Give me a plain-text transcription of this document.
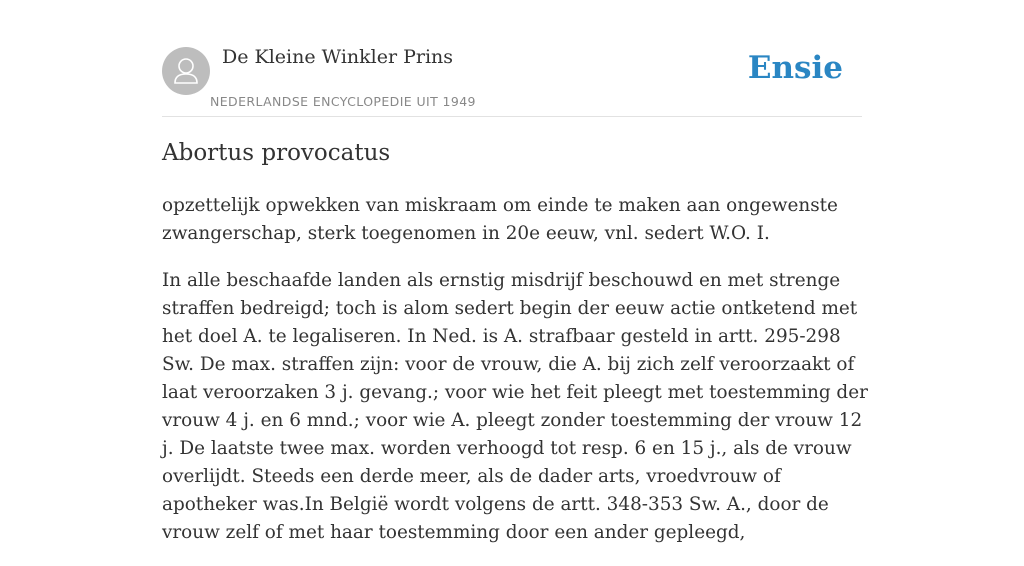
De Kleine Winkler Prins
NEDERLANDSE ENCYCLOPEDIE UIT 1949
Ensie
Abortus provocatus

opzettelijk opwekken van miskraam om einde te maken aan ongewenste zwangerschap, sterk toegenomen in 20e eeuw, vnl. sedert W.O. I.

In alle beschaafde landen als ernstig misdrijf beschouwd en met strenge straffen bedreigd; toch is alom sedert begin der eeuw actie ontketend met het doel A. te legaliseren. In Ned. is A. strafbaar gesteld in artt. 295-298 Sw. De max. straffen zijn: voor de vrouw, die A. bij zich zelf veroorzaakt of laat veroorzaken 3 j. gevang.; voor wie het feit pleegt met toestemming der vrouw 4 j. en 6 mnd.; voor wie A. pleegt zonder toestemming der vrouw 12 j. De laatste twee max. worden verhoogd tot resp. 6 en 15 j., als de vrouw overlijdt. Steeds een derde meer, als de dader arts, vroedvrouw of apotheker was.In België wordt volgens de artt. 348-353 Sw. A., door de vrouw zelf of met haar toestemming door een ander gepleegd,
